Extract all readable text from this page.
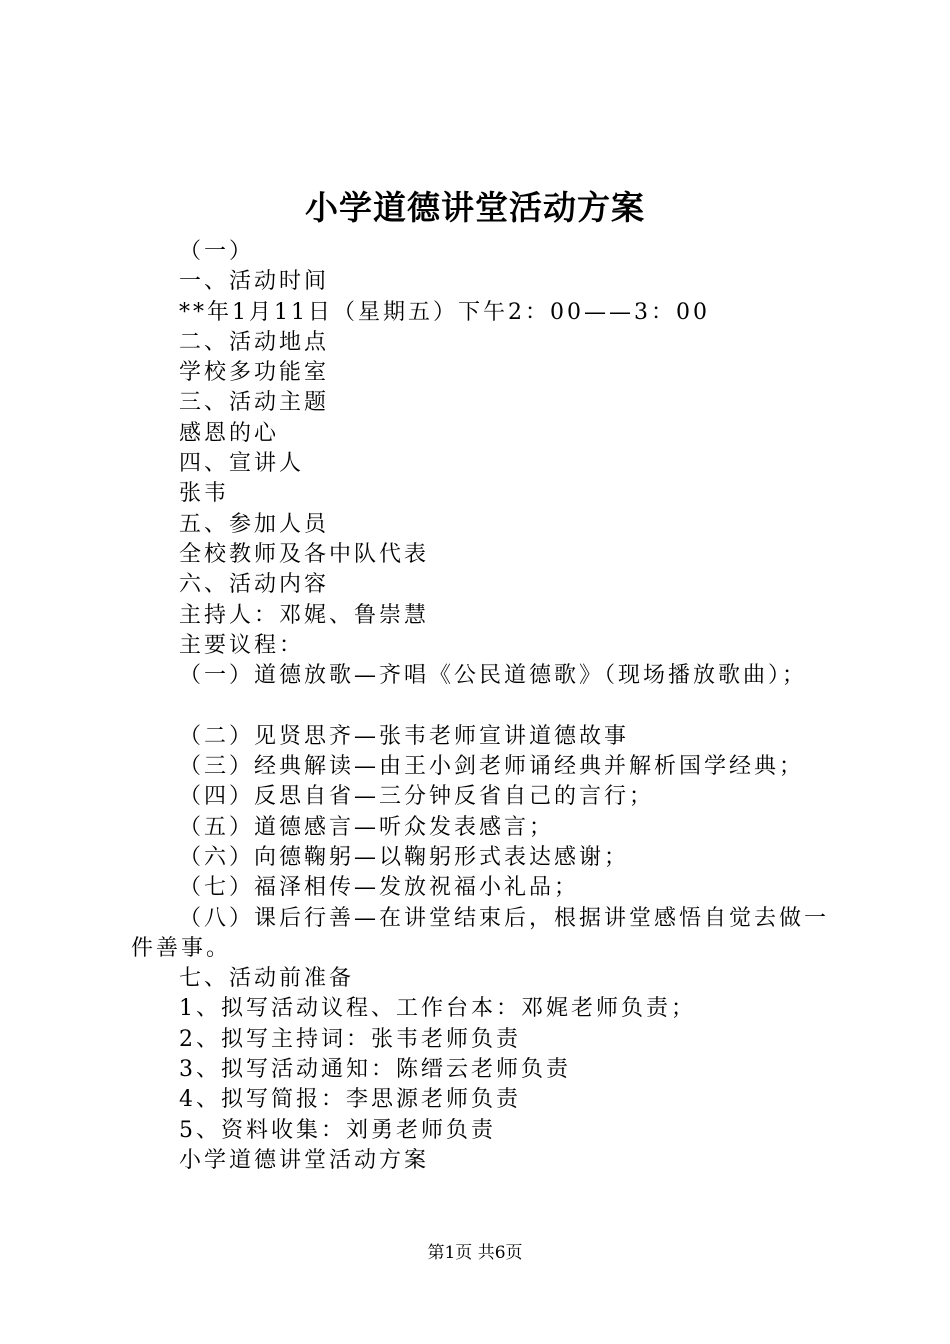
小学道德讲堂活动方案
（一）
一、活动时间
**年1月11日（星期五）下午2：00——3：00
二、活动地点
学校多功能室
三、活动主题
感恩的心
四、宣讲人
张韦
五、参加人员
全校教师及各中队代表
六、活动内容
主持人：邓娓、鲁崇慧
主要议程：
（一）道德放歌—齐唱《公民道德歌》（现场播放歌曲）；
（二）见贤思齐—张韦老师宣讲道德故事
（三）经典解读—由王小剑老师诵经典并解析国学经典；
（四）反思自省—三分钟反省自己的言行；
（五）道德感言—听众发表感言；
（六）向德鞠躬—以鞠躬形式表达感谢；
（七）福泽相传—发放祝福小礼品；
（八）课后行善—在讲堂结束后，根据讲堂感悟自觉去做一件善事。
七、活动前准备
1、拟写活动议程、工作台本：邓娓老师负责；
2、拟写主持词：张韦老师负责
3、拟写活动通知：陈缙云老师负责
4、拟写简报：李思源老师负责
5、资料收集：刘勇老师负责
小学道德讲堂活动方案
第1页 共6页
